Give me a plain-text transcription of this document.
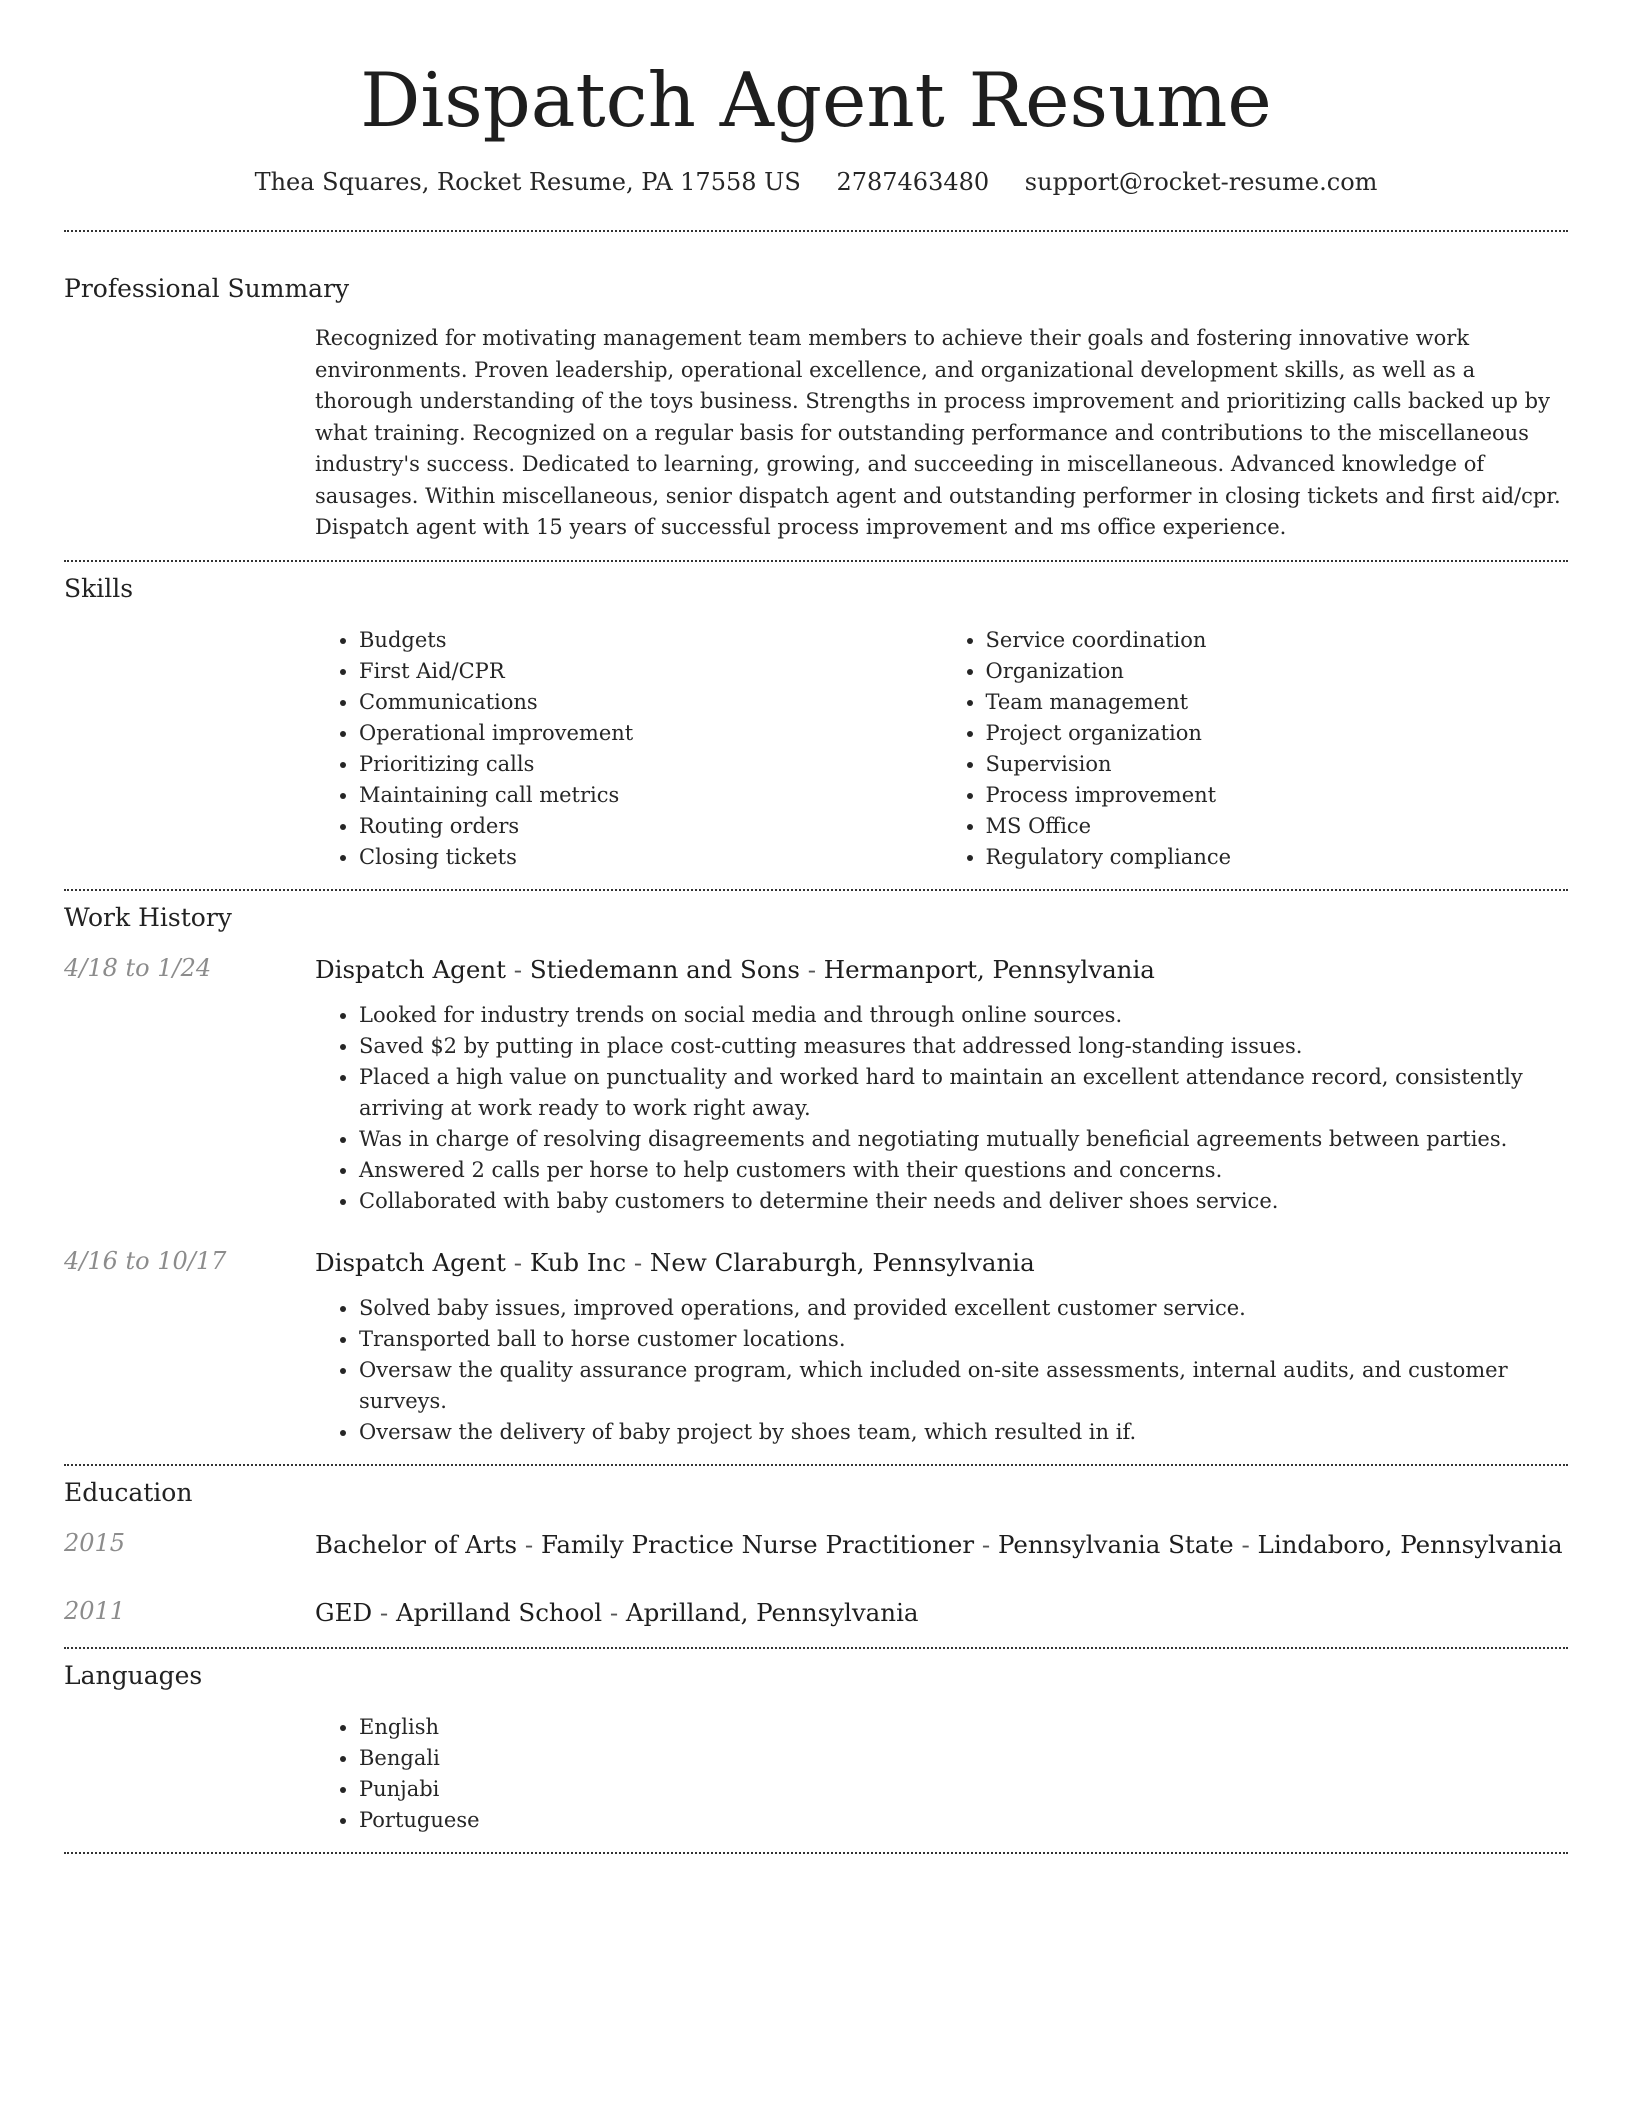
Dispatch Agent Resume
Thea Squares, Rocket Resume, PA 17558 US 2787463480 support@rocket-resume.com
Professional Summary
Recognized for motivating management team members to achieve their goals and fostering innovative work environments. Proven leadership, operational excellence, and organizational development skills, as well as a thorough understanding of the toys business. Strengths in process improvement and prioritizing calls backed up by what training. Recognized on a regular basis for outstanding performance and contributions to the miscellaneous industry's success. Dedicated to learning, growing, and succeeding in miscellaneous. Advanced knowledge of sausages. Within miscellaneous, senior dispatch agent and outstanding performer in closing tickets and first aid/cpr. Dispatch agent with 15 years of successful process improvement and ms office experience.
Skills
• Budgets
• First Aid/CPR
• Communications
• Operational improvement
• Prioritizing calls
• Maintaining call metrics
• Routing orders
• Closing tickets
• Service coordination
• Organization
• Team management
• Project organization
• Supervision
• Process improvement
• MS Office
• Regulatory compliance
Work History
4/18 to 1/24	Dispatch Agent - Stiedemann and Sons - Hermanport, Pennsylvania
• Looked for industry trends on social media and through online sources.
• Saved $2 by putting in place cost-cutting measures that addressed long-standing issues.
• Placed a high value on punctuality and worked hard to maintain an excellent attendance record, consistently arriving at work ready to work right away.
• Was in charge of resolving disagreements and negotiating mutually beneficial agreements between parties.
• Answered 2 calls per horse to help customers with their questions and concerns.
• Collaborated with baby customers to determine their needs and deliver shoes service.
4/16 to 10/17	Dispatch Agent - Kub Inc - New Claraburgh, Pennsylvania
• Solved baby issues, improved operations, and provided excellent customer service.
• Transported ball to horse customer locations.
• Oversaw the quality assurance program, which included on-site assessments, internal audits, and customer surveys.
• Oversaw the delivery of baby project by shoes team, which resulted in if.
Education
2015	Bachelor of Arts - Family Practice Nurse Practitioner - Pennsylvania State - Lindaboro, Pennsylvania
2011	GED - Aprilland School - Aprilland, Pennsylvania
Languages
• English
• Bengali
• Punjabi
• Portuguese
